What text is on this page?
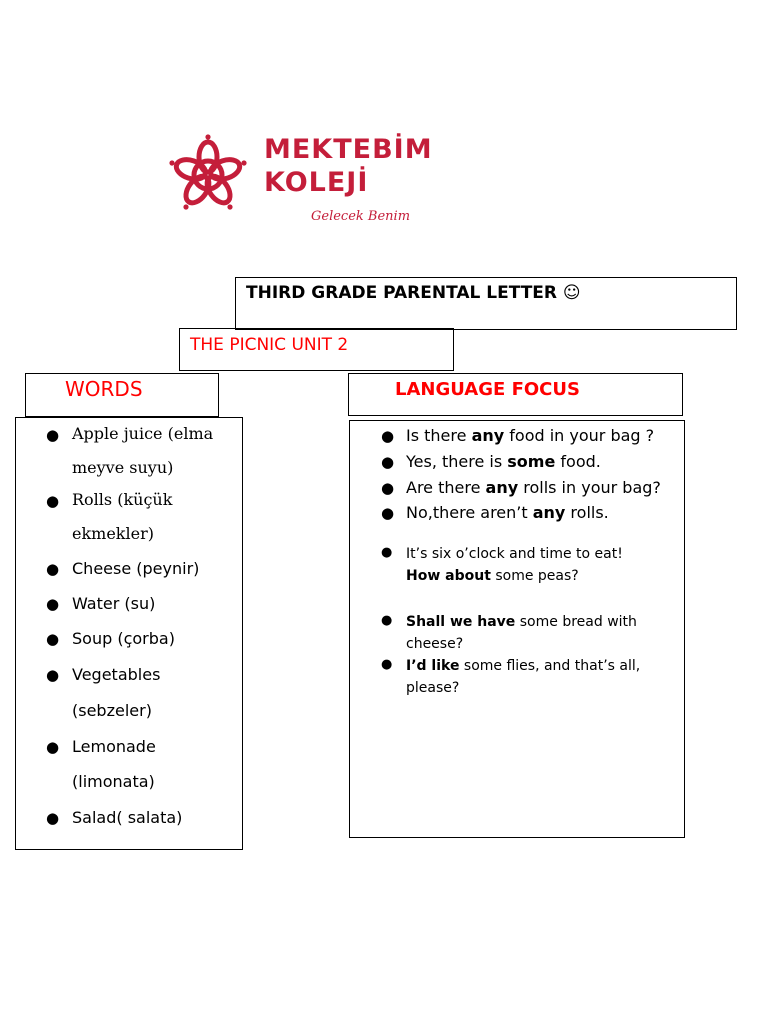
MEKTEBİM
KOLEJİ
Gelecek Benim
THIRD GRADE PARENTAL LETTER ☺
THE PICNIC UNIT 2
WORDS	LANGUAGE FOCUS
● Apple juice (elma
meyve suyu)
● Rolls (küçük
ekmekler)
● Cheese (peynir)
● Water (su)
● Soup (çorba)
● Vegetables
(sebzeler)
● Lemonade
(limonata)
● Salad( salata)
● Is there any food in your bag ?
● Yes, there is some food.
● Are there any rolls in your bag?
● No,there aren’t any rolls.
● It’s six o’clock and time to eat!
How about some peas?
● Shall we have some bread with
cheese?
● I’d like some flies, and that’s all,
please?
